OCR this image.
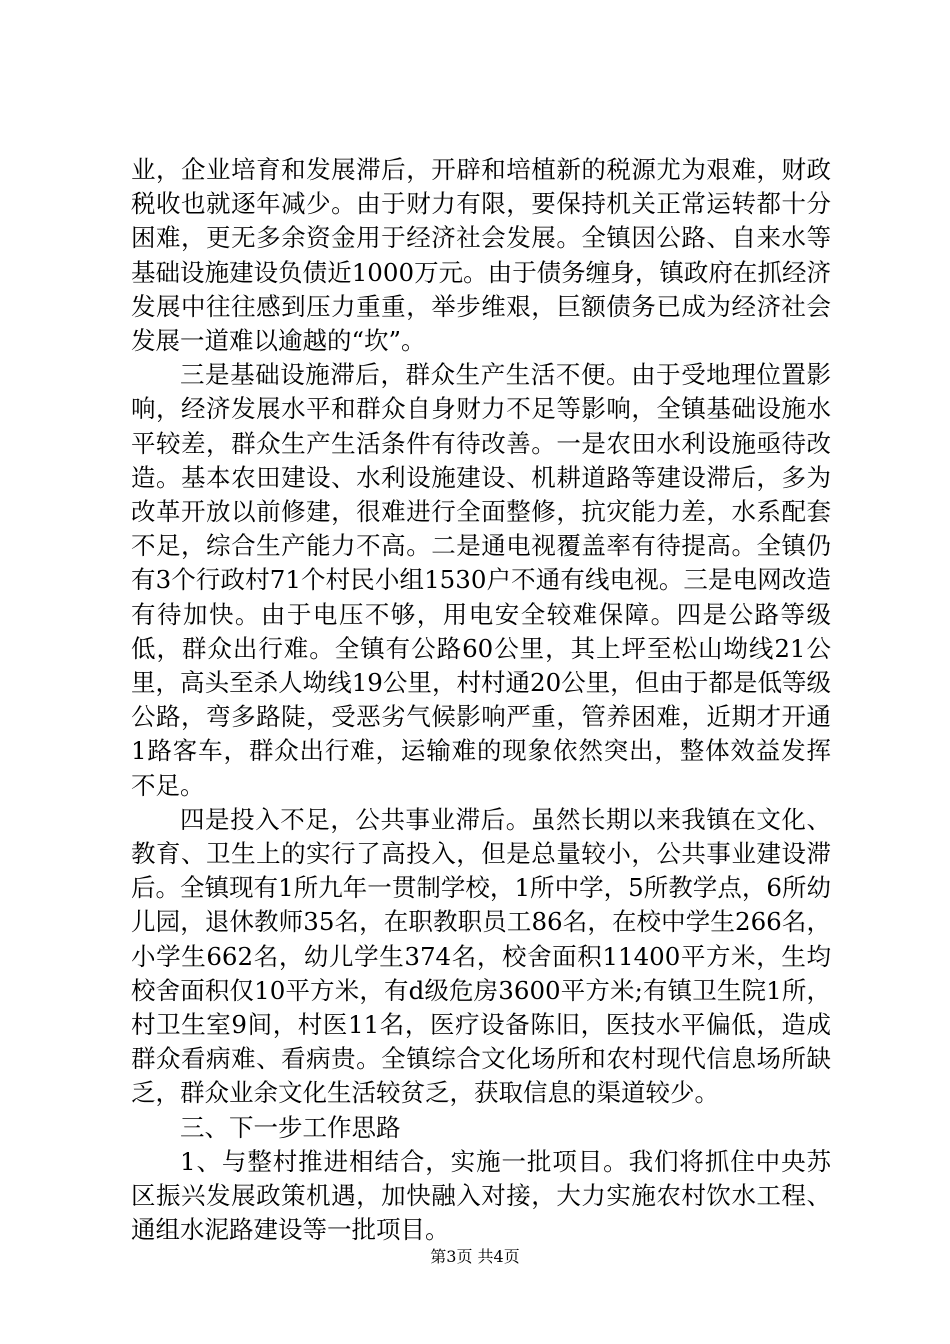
业，企业培育和发展滞后，开辟和培植新的税源尤为艰难，财政税收也就逐年减少。由于财力有限，要保持机关正常运转都十分困难，更无多余资金用于经济社会发展。全镇因公路、自来水等基础设施建设负债近1000万元。由于债务缠身，镇政府在抓经济发展中往往感到压力重重，举步维艰，巨额债务已成为经济社会发展一道难以逾越的“坎”。

三是基础设施滞后，群众生产生活不便。由于受地理位置影响，经济发展水平和群众自身财力不足等影响，全镇基础设施水平较差，群众生产生活条件有待改善。一是农田水利设施亟待改造。基本农田建设、水利设施建设、机耕道路等建设滞后，多为改革开放以前修建，很难进行全面整修，抗灾能力差，水系配套不足，综合生产能力不高。二是通电视覆盖率有待提高。全镇仍有3个行政村71个村民小组1530户不通有线电视。三是电网改造有待加快。由于电压不够，用电安全较难保障。四是公路等级低，群众出行难。全镇有公路60公里，其上坪至松山坳线21公里，高头至杀人坳线19公里，村村通20公里，但由于都是低等级公路，弯多路陡，受恶劣气候影响严重，管养困难，近期才开通1路客车，群众出行难，运输难的现象依然突出，整体效益发挥不足。

四是投入不足，公共事业滞后。虽然长期以来我镇在文化、教育、卫生上的实行了高投入，但是总量较小，公共事业建设滞后。全镇现有1所九年一贯制学校，1所中学，5所教学点，6所幼儿园，退休教师35名，在职教职员工86名，在校中学生266名，小学生662名，幼儿学生374名，校舍面积11400平方米，生均校舍面积仅10平方米，有d级危房3600平方米;有镇卫生院1所，村卫生室9间，村医11名，医疗设备陈旧，医技水平偏低，造成群众看病难、看病贵。全镇综合文化场所和农村现代信息场所缺乏，群众业余文化生活较贫乏，获取信息的渠道较少。

三、下一步工作思路

1、与整村推进相结合，实施一批项目。我们将抓住中央苏区振兴发展政策机遇，加快融入对接，大力实施农村饮水工程、通组水泥路建设等一批项目。

第3页 共4页
